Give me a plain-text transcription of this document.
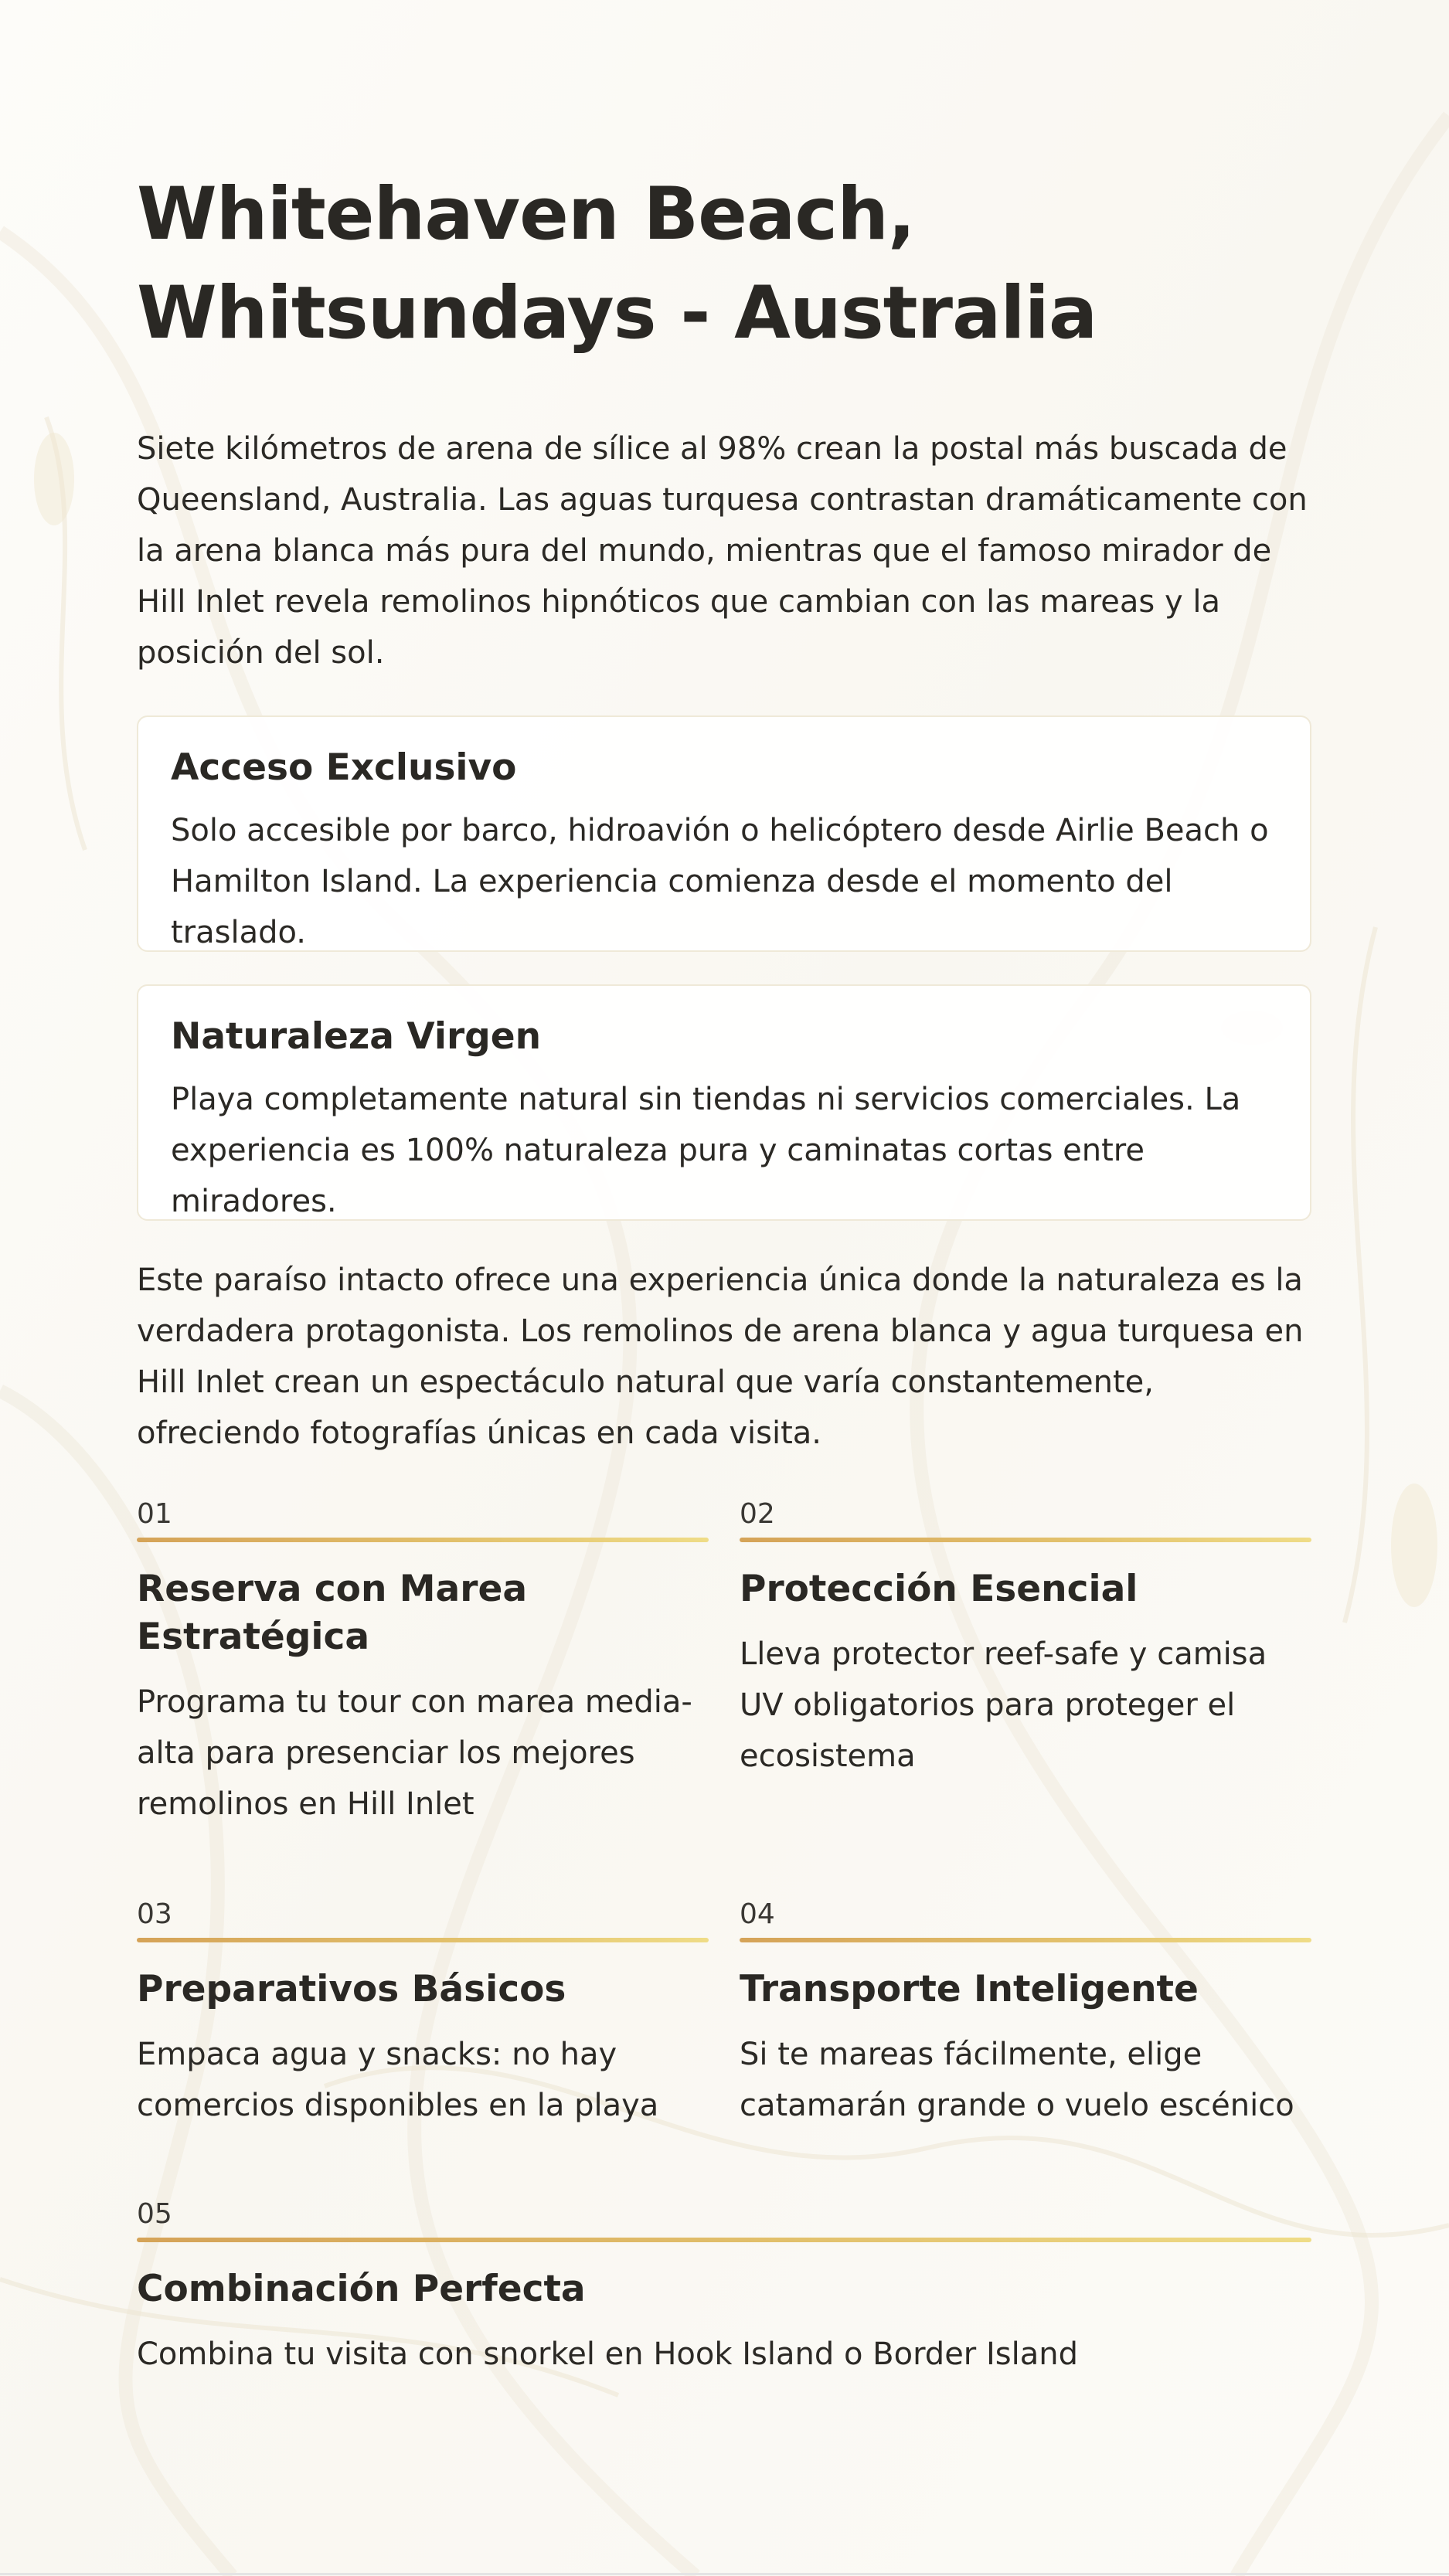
Whitehaven Beach, Whitsundays - Australia

Siete kilómetros de arena de sílice al 98% crean la postal más buscada de Queensland, Australia. Las aguas turquesa contrastan dramáticamente con la arena blanca más pura del mundo, mientras que el famoso mirador de Hill Inlet revela remolinos hipnóticos que cambian con las mareas y la posición del sol.

Acceso Exclusivo

Solo accesible por barco, hidroavión o helicóptero desde Airlie Beach o Hamilton Island. La experiencia comienza desde el momento del traslado.

Naturaleza Virgen

Playa completamente natural sin tiendas ni servicios comerciales. La experiencia es 100% naturaleza pura y caminatas cortas entre miradores.

Este paraíso intacto ofrece una experiencia única donde la naturaleza es la verdadera protagonista. Los remolinos de arena blanca y agua turquesa en Hill Inlet crean un espectáculo natural que varía constantemente, ofreciendo fotografías únicas en cada visita.

01
Reserva con Marea Estratégica

Programa tu tour con marea media-alta para presenciar los mejores remolinos en Hill Inlet

02
Protección Esencial

Lleva protector reef-safe y camisa UV obligatorios para proteger el ecosistema

03
Preparativos Básicos

Empaca agua y snacks: no hay comercios disponibles en la playa

04
Transporte Inteligente

Si te mareas fácilmente, elige catamarán grande o vuelo escénico

05
Combinación Perfecta

Combina tu visita con snorkel en Hook Island o Border Island
